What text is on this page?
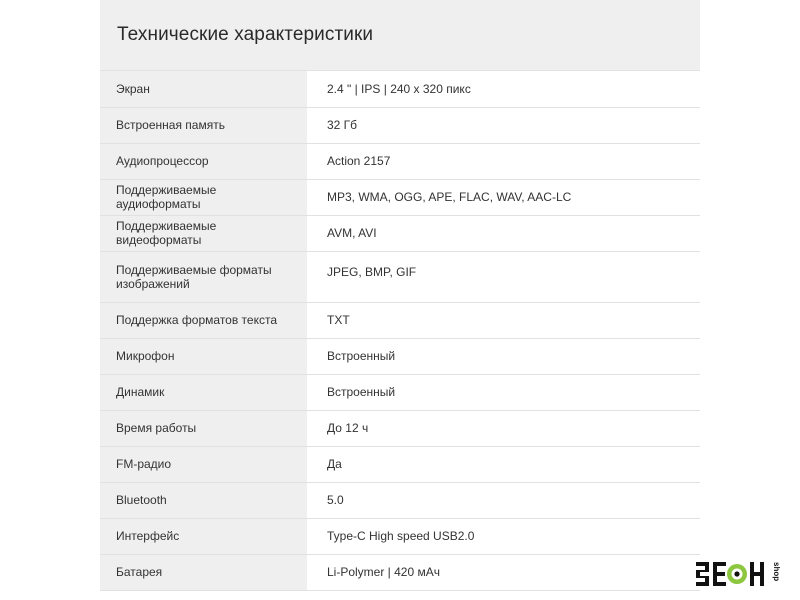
Технические характеристики
Экран	2.4 " | IPS | 240 x 320 пикс
Встроенная память	32 Гб
Аудиопроцессор	Action 2157
Поддерживаемые аудиоформаты	MP3, WMA, OGG, APE, FLAC, WAV, AAC-LC
Поддерживаемые видеоформаты	AVM, AVI
Поддерживаемые форматы изображений	JPEG, BMP, GIF
Поддержка форматов текста	TXT
Микрофон	Встроенный
Динамик	Встроенный
Время работы	До 12 ч
FM-радио	Да
Bluetooth	5.0
Интерфейс	Type-C High speed USB2.0
Батарея	Li-Polymer | 420 мАч	shop
